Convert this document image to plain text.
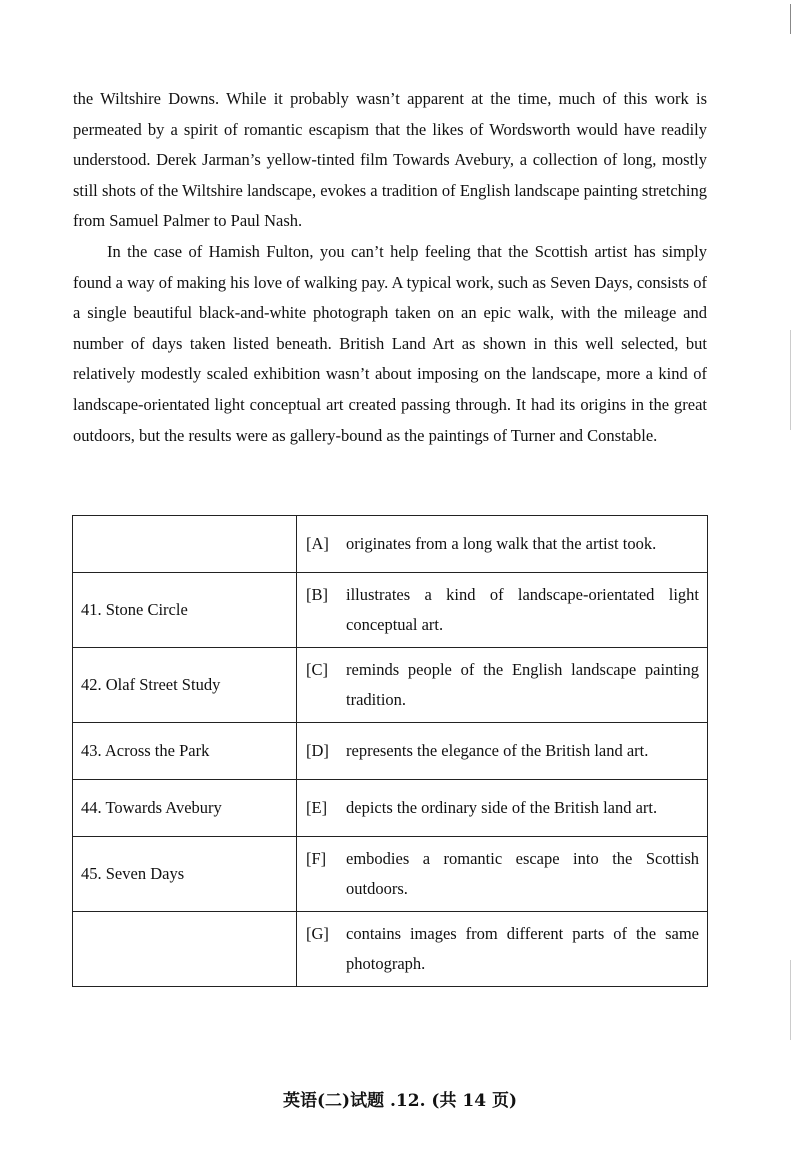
the Wiltshire Downs. While it probably wasn’t apparent at the time, much of this work is permeated by a spirit of romantic escapism that the likes of Wordsworth would have readily understood. Derek Jarman’s yellow-tinted film Towards Avebury, a collection of long, mostly still shots of the Wiltshire landscape, evokes a tradition of English landscape painting stretching from Samuel Palmer to Paul Nash.

In the case of Hamish Fulton, you can’t help feeling that the Scottish artist has simply found a way of making his love of walking pay. A typical work, such as Seven Days, consists of a single beautiful black-and-white photograph taken on an epic walk, with the mileage and number of days taken listed beneath. British Land Art as shown in this well selected, but relatively modestly scaled exhibition wasn’t about imposing on the landscape, more a kind of landscape-orientated light conceptual art created passing through. It had its origins in the great outdoors, but the results were as gallery-bound as the paintings of Turner and Constable.

	[A] originates from a long walk that the artist took.

41. Stone Circle	[B] illustrates a kind of landscape-orientated light conceptual art.

42. Olaf Street Study	[C] reminds people of the English landscape painting tradition.

43. Across the Park	[D] represents the elegance of the British land art.

44. Towards Avebury	[E] depicts the ordinary side of the British land art.

45. Seven Days	[F] embodies a romantic escape into the Scottish outdoors.

	[G] contains images from different parts of the same photograph.
英语(二)试题 .12. (共 14 页)
